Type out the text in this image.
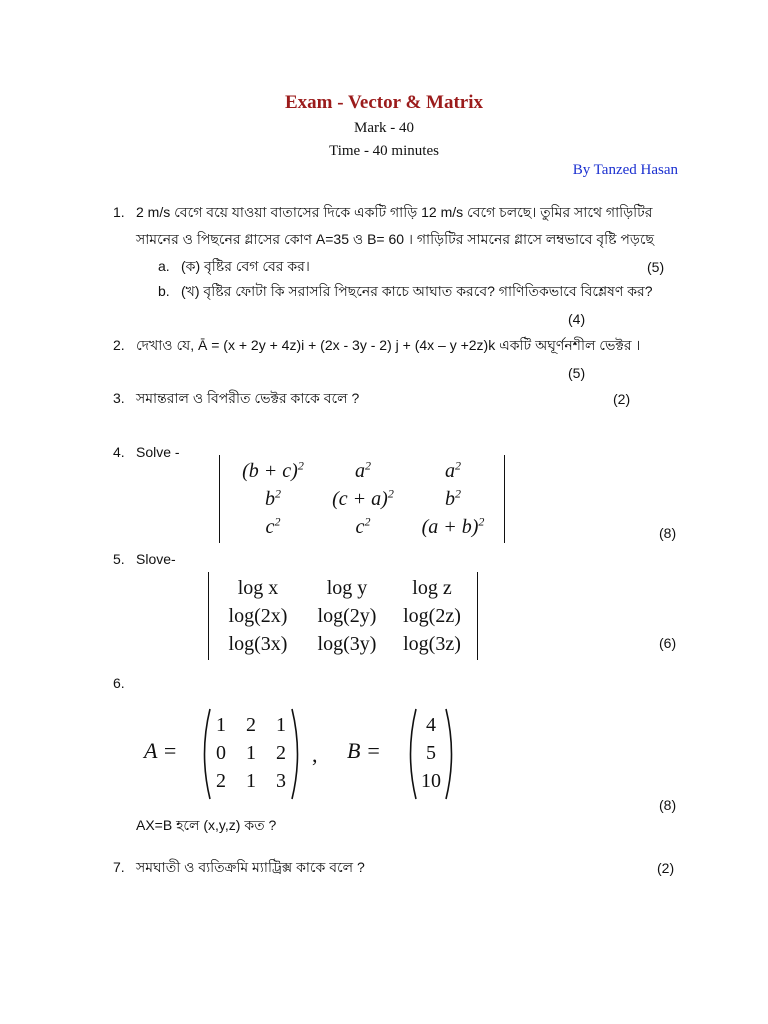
Exam - Vector & Matrix
Mark - 40
Time - 40 minutes
By Tanzed Hasan
1. 2 m/s বেগে বয়ে যাওয়া বাতাসের দিকে একটি গাড়ি 12 m/s বেগে চলছে। তুমির সাথে গাড়িটির
সামনের ও পিছনের গ্লাসের কোণ A=35 ও B= 60 । গাড়িটির সামনের গ্লাসে লম্বভাবে বৃষ্টি পড়ছে
a. (ক) বৃষ্টির বেগ বের কর।	(5)
b. (খ) বৃষ্টির ফোটা কি সরাসরি পিছনের কাচে আঘাত করবে? গাণিতিকভাবে বিশ্লেষণ কর?
(4)
2. দেখাও যে, Ā = (x + 2y + 4z)i + (2x - 3y - 2) j + (4x – y +2z)k একটি অঘূর্ণনশীল ভেক্টর ।
(5)
3. সমান্তরাল ও বিপরীত ভেক্টর কাকে বলে ?	(2)
4. Solve -
$(b + c)^2$	$a^2$	$a^2$
$b^2$	$(c + a)^2$	$b^2$
$c^2$	$c^2$	$(a + b)^2$
(8)
5. Slove-
log x	log y	log z
log(2x)	log(2y)	log(2z)
log(3x)	log(3y)	log(3z)	(6)
6.
A =
1	2	1
0	1	2
2	1	3
, B =
4
5
10
(8)
AX=B হলে (x,y,z) কত ?
7. সমঘাতী ও ব্যতিক্রমি ম্যাট্রিক্স কাকে বলে ?	(2)
